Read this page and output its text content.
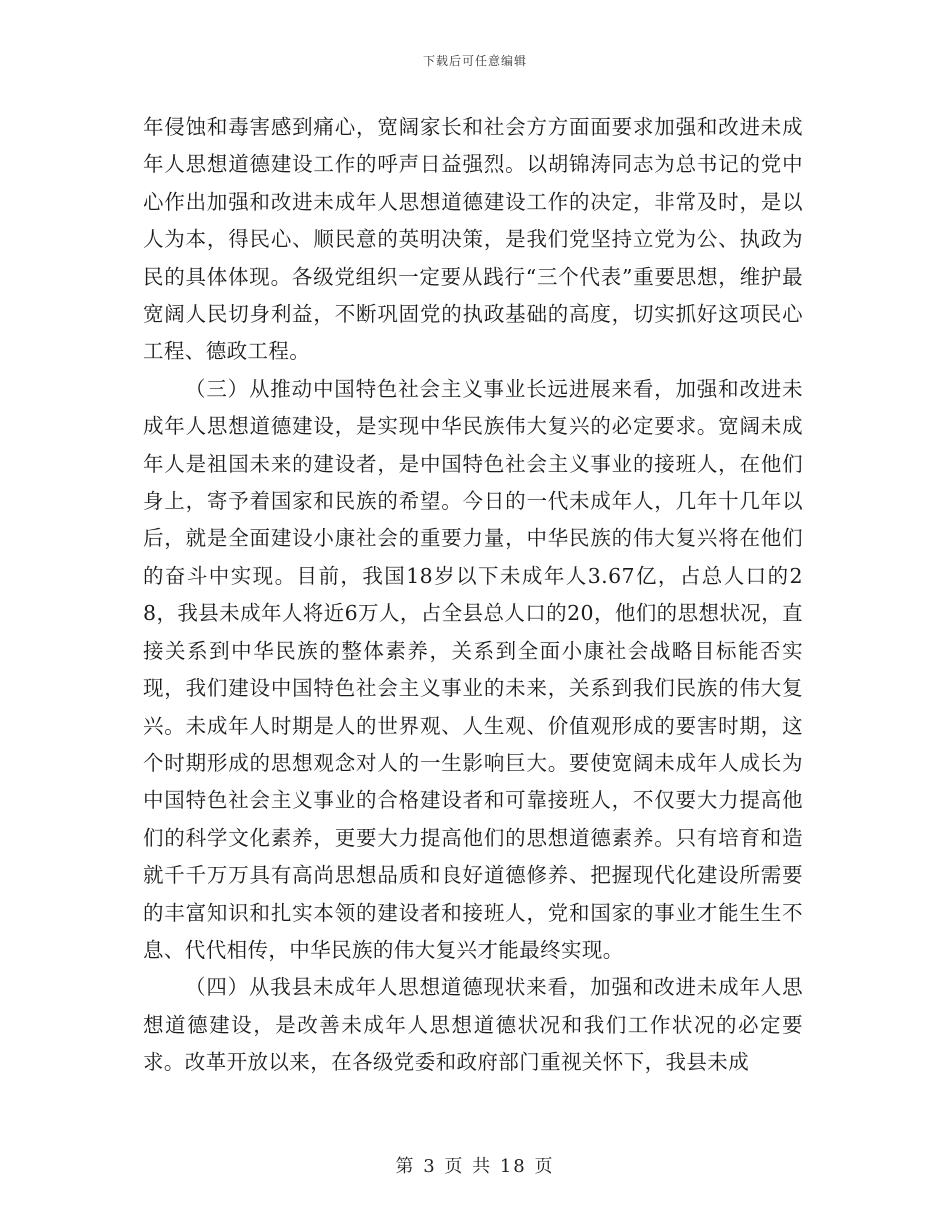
下载后可任意编辑

年侵蚀和毒害感到痛心，宽阔家长和社会方方面面要求加强和改进未成年人思想道德建设工作的呼声日益强烈。以胡锦涛同志为总书记的党中心作出加强和改进未成年人思想道德建设工作的决定，非常及时，是以人为本，得民心、顺民意的英明决策，是我们党坚持立党为公、执政为民的具体体现。各级党组织一定要从践行“三个代表”重要思想，维护最宽阔人民切身利益，不断巩固党的执政基础的高度，切实抓好这项民心工程、德政工程。

（三）从推动中国特色社会主义事业长远进展来看，加强和改进未成年人思想道德建设，是实现中华民族伟大复兴的必定要求。宽阔未成年人是祖国未来的建设者，是中国特色社会主义事业的接班人，在他们身上，寄予着国家和民族的希望。今日的一代未成年人，几年十几年以后，就是全面建设小康社会的重要力量，中华民族的伟大复兴将在他们的奋斗中实现。目前，我国18岁以下未成年人3.67亿，占总人口的28，我县未成年人将近6万人，占全县总人口的20，他们的思想状况，直接关系到中华民族的整体素养，关系到全面小康社会战略目标能否实现，我们建设中国特色社会主义事业的未来，关系到我们民族的伟大复兴。未成年人时期是人的世界观、人生观、价值观形成的要害时期，这个时期形成的思想观念对人的一生影响巨大。要使宽阔未成年人成长为中国特色社会主义事业的合格建设者和可靠接班人，不仅要大力提高他们的科学文化素养，更要大力提高他们的思想道德素养。只有培育和造就千千万万具有高尚思想品质和良好道德修养、把握现代化建设所需要的丰富知识和扎实本领的建设者和接班人，党和国家的事业才能生生不息、代代相传，中华民族的伟大复兴才能最终实现。

（四）从我县未成年人思想道德现状来看，加强和改进未成年人思想道德建设，是改善未成年人思想道德状况和我们工作状况的必定要求。改革开放以来，在各级党委和政府部门重视关怀下，我县未成

第 3 页 共 18 页
